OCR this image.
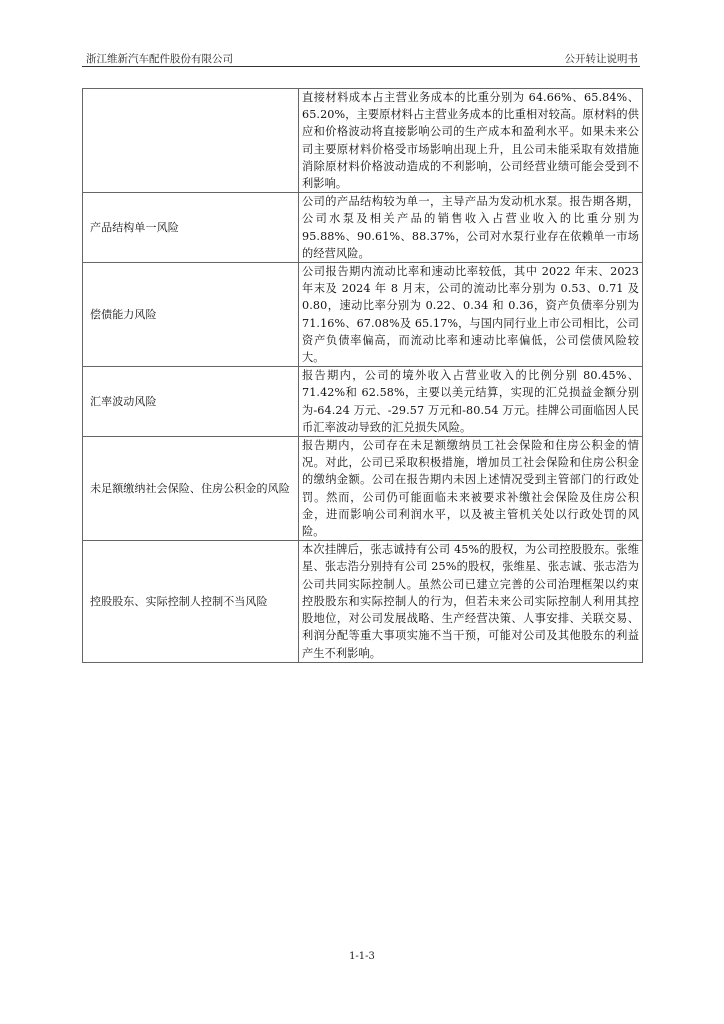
浙江维新汽车配件股份有限公司	公开转让说明书
	直接材料成本占主营业务成本的比重分别为 64.66%、65.84%、65.20%，主要原材料占主营业务成本的比重相对较高。原材料的供应和价格波动将直接影响公司的生产成本和盈利水平。如果未来公司主要原材料价格受市场影响出现上升，且公司未能采取有效措施消除原材料价格波动造成的不利影响，公司经营业绩可能会受到不利影响。
产品结构单一风险	公司的产品结构较为单一，主导产品为发动机水泵。报告期各期，公司水泵及相关产品的销售收入占营业收入的比重分别为 95.88%、90.61%、88.37%，公司对水泵行业存在依赖单一市场的经营风险。
偿债能力风险	公司报告期内流动比率和速动比率较低，其中 2022 年末、2023 年末及 2024 年 8 月末，公司的流动比率分别为 0.53、0.71 及 0.80，速动比率分别为 0.22、0.34 和 0.36，资产负债率分别为 71.16%、67.08%及 65.17%，与国内同行业上市公司相比，公司资产负债率偏高，而流动比率和速动比率偏低，公司偿债风险较大。
汇率波动风险	报告期内，公司的境外收入占营业收入的比例分别 80.45%、71.42%和 62.58%，主要以美元结算，实现的汇兑损益金额分别为-64.24 万元、-29.57 万元和-80.54 万元。挂牌公司面临因人民币汇率波动导致的汇兑损失风险。
未足额缴纳社会保险、住房公积金的风险	报告期内，公司存在未足额缴纳员工社会保险和住房公积金的情况。对此，公司已采取积极措施，增加员工社会保险和住房公积金的缴纳金额。公司在报告期内未因上述情况受到主管部门的行政处罚。然而，公司仍可能面临未来被要求补缴社会保险及住房公积金，进而影响公司利润水平，以及被主管机关处以行政处罚的风险。
控股股东、实际控制人控制不当风险	本次挂牌后，张志诚持有公司 45%的股权，为公司控股股东。张维星、张志浩分别持有公司 25%的股权，张维星、张志诚、张志浩为公司共同实际控制人。虽然公司已建立完善的公司治理框架以约束控股股东和实际控制人的行为，但若未来公司实际控制人利用其控股地位，对公司发展战略、生产经营决策、人事安排、关联交易、利润分配等重大事项实施不当干预，可能对公司及其他股东的利益产生不利影响。
1-1-3
